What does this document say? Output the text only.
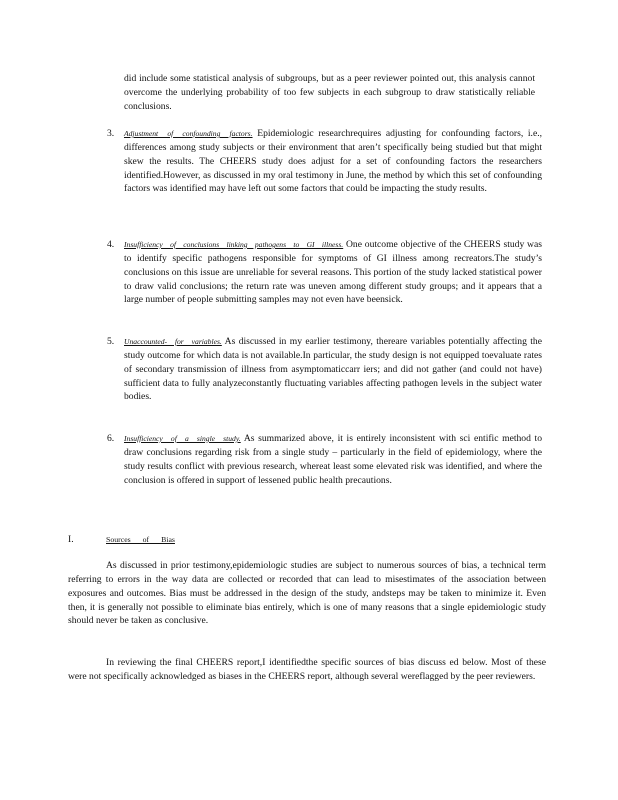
did include some statistical analysis of subgroups, but as a peer reviewer pointed out, this analysis cannot overcome the underlying probability of too few subjects in each subgroup to draw statistically reliable conclusions.

3. Adjustment of confounding factors. Epidemiologic researchrequires adjusting for confounding factors, i.e., differences among study subjects or their environment that aren’t specifically being studied but that might skew the results. The CHEERS study does adjust for a set of confounding factors the researchers identified.However, as discussed in my oral testimony in June, the method by which this set of confounding factors was identified may have left out some factors that could be impacting the study results.

4. Insufficiency of conclusions linking pathogens to GI illness. One outcome objective of the CHEERS study was to identify specific pathogens responsible for symptoms of GI illness among recreators.The study’s conclusions on this issue are unreliable for several reasons. This portion of the study lacked statistical power to draw valid conclusions; the return rate was uneven among different study groups; and it appears that a large number of people submitting samples may not even have beensick.

5. Unaccounted- for variables. As discussed in my earlier testimony, thereare variables potentially affecting the study outcome for which data is not available.In particular, the study design is not equipped toevaluate rates of secondary transmission of illness from asymptomaticcarr iers; and did not gather (and could not have) sufficient data to fully analyzeconstantly fluctuating variables affecting pathogen levels in the subject water bodies.

6. Insufficiency of a single study. As summarized above, it is entirely inconsistent with sci entific method to draw conclusions regarding risk from a single study – particularly in the field of epidemiology, where the study results conflict with previous research, whereat least some elevated risk was identified, and where the conclusion is offered in support of lessened public health precautions.

I.	Sources of Bias

As discussed in prior testimony,epidemiologic studies are subject to numerous sources of bias, a technical term referring to errors in the way data are collected or recorded that can lead to misestimates of the association between exposures and outcomes. Bias must be addressed in the design of the study, andsteps may be taken to minimize it. Even then, it is generally not possible to eliminate bias entirely, which is one of many reasons that a single epidemiologic study should never be taken as conclusive.

In reviewing the final CHEERS report,I identifiedthe specific sources of bias discuss ed below. Most of these were not specifically acknowledged as biases in the CHEERS report, although several wereflagged by the peer reviewers.
